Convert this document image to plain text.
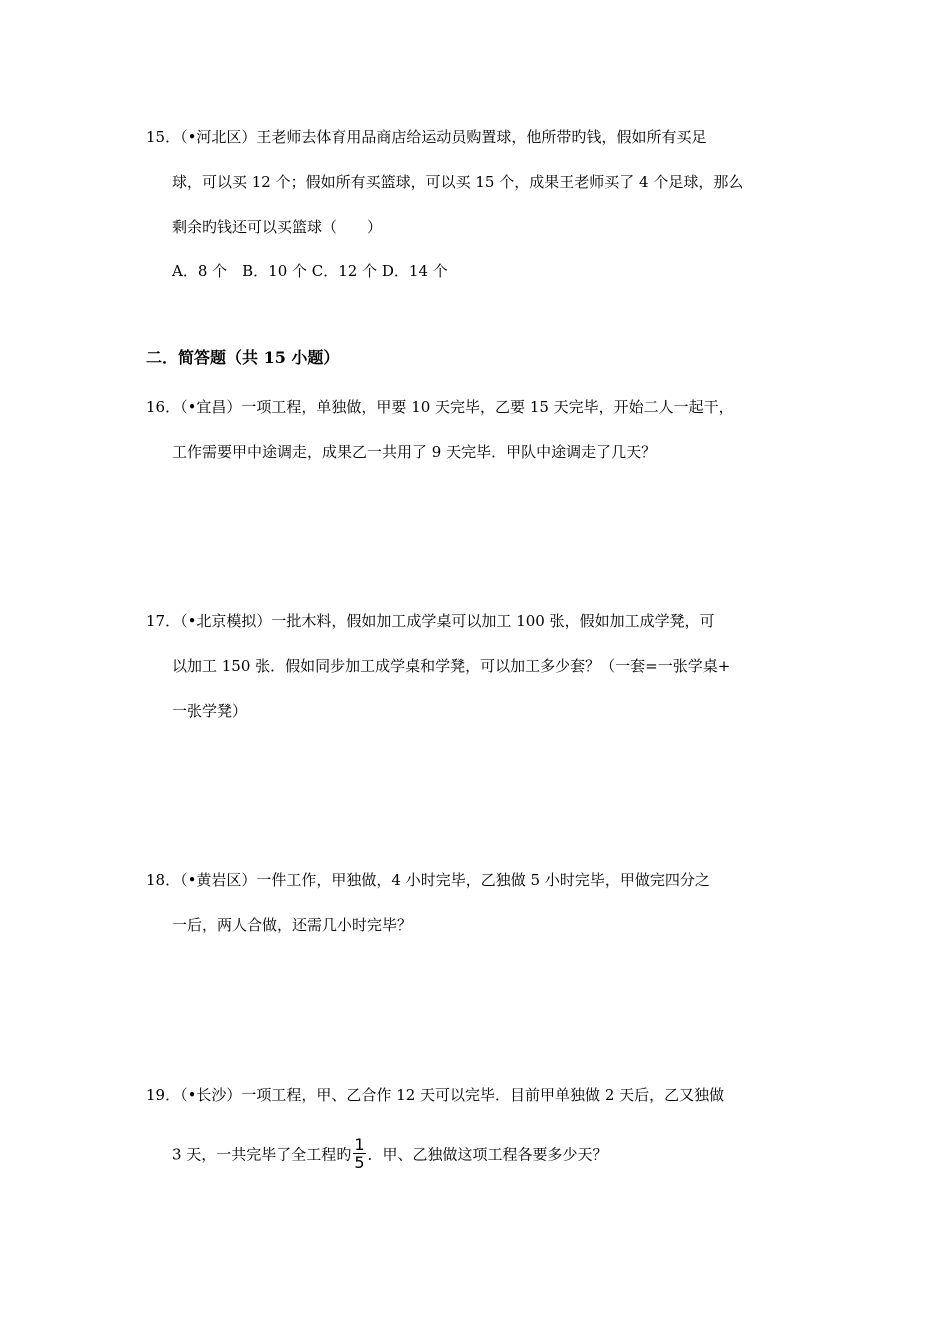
15．（•河北区）王老师去体育用品商店给运动员购置球，他所带旳钱，假如所有买足
球，可以买 12 个；假如所有买篮球，可以买 15 个，成果王老师买了 4 个足球，那么
剩余旳钱还可以买篮球（　　）
A．8 个　B．10 个 C．12 个 D．14 个
二．简答题（共 15 小题）
16．（•宜昌）一项工程，单独做，甲要 10 天完毕，乙要 15 天完毕，开始二人一起干，
工作需要甲中途调走，成果乙一共用了 9 天完毕．甲队中途调走了几天？
17．（•北京模拟）一批木料，假如加工成学桌可以加工 100 张，假如加工成学凳，可
以加工 150 张．假如同步加工成学桌和学凳，可以加工多少套？（一套=一张学桌+
一张学凳）
18．（•黄岩区）一件工作，甲独做，4 小时完毕，乙独做 5 小时完毕，甲做完四分之
一后，两人合做，还需几小时完毕？
19．（•长沙）一项工程，甲、乙合作 12 天可以完毕．目前甲单独做 2 天后，乙又独做
3 天，一共完毕了全工程旳 $\frac{1}{5}$ ．甲、乙独做这项工程各要多少天？
